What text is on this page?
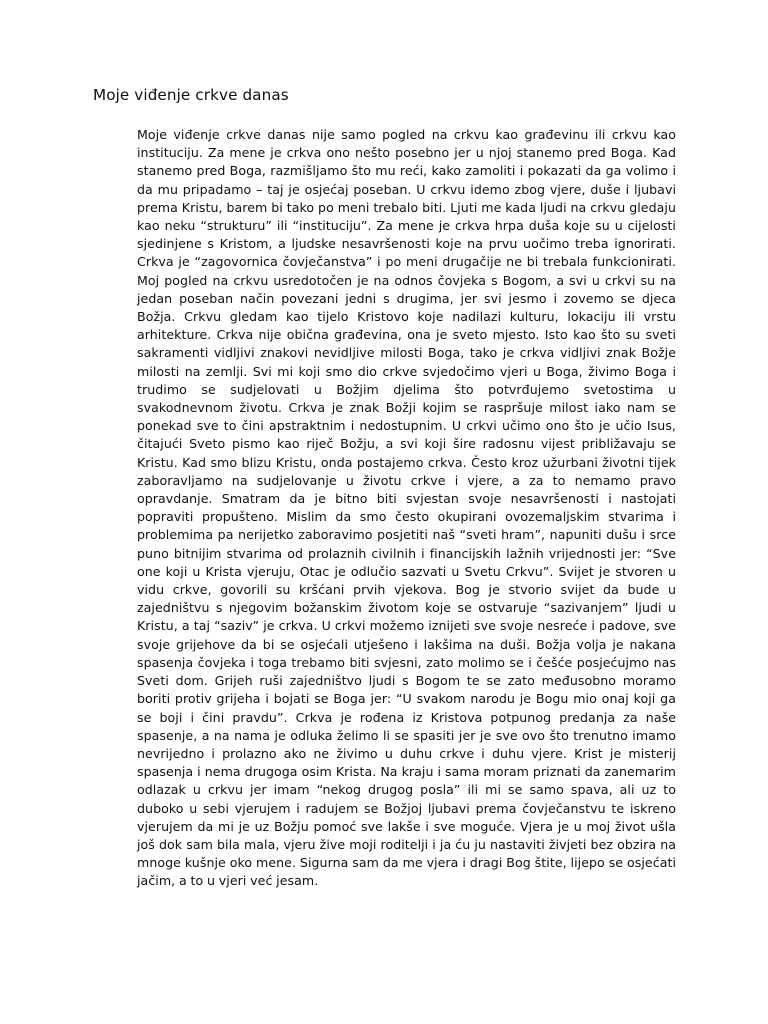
Moje viđenje crkve danas

Moje viđenje crkve danas nije samo pogled na crkvu kao građevinu ili crkvu kao instituciju. Za mene je crkva ono nešto posebno jer u njoj stanemo pred Boga. Kad stanemo pred Boga, razmišljamo što mu reći, kako zamoliti i pokazati da ga volimo i da mu pripadamo – taj je osjećaj poseban. U crkvu idemo zbog vjere, duše i ljubavi prema Kristu, barem bi tako po meni trebalo biti. Ljuti me kada ljudi na crkvu gledaju kao neku “strukturu” ili “instituciju”. Za mene je crkva hrpa duša koje su u cijelosti sjedinjene s Kristom, a ljudske nesavršenosti koje na prvu uočimo treba ignorirati. Crkva je “zagovornica čovječanstva” i po meni drugačije ne bi trebala funkcionirati. Moj pogled na crkvu usredotočen je na odnos čovjeka s Bogom, a svi u crkvi su na jedan poseban način povezani jedni s drugima, jer svi jesmo i zovemo se djeca Božja. Crkvu gledam kao tijelo Kristovo koje nadilazi kulturu, lokaciju ili vrstu arhitekture. Crkva nije obična građevina, ona je sveto mjesto. Isto kao što su sveti sakramenti vidljivi znakovi nevidljive milosti Boga, tako je crkva vidljivi znak Božje milosti na zemlji. Svi mi koji smo dio crkve svjedočimo vjeri u Boga, živimo Boga i trudimo se sudjelovati u Božjim djelima što potvrđujemo svetostima u svakodnevnom životu. Crkva je znak Božji kojim se raspršuje milost iako nam se ponekad sve to čini apstraktnim i nedostupnim. U crkvi učimo ono što je učio Isus, čitajući Sveto pismo kao riječ Božju, a svi koji šire radosnu vijest približavaju se Kristu. Kad smo blizu Kristu, onda postajemo crkva. Često kroz užurbani životni tijek zaboravljamo na sudjelovanje u životu crkve i vjere, a za to nemamo pravo opravdanje. Smatram da je bitno biti svjestan svoje nesavršenosti i nastojati popraviti propušteno. Mislim da smo često okupirani ovozemaljskim stvarima i problemima pa nerijetko zaboravimo posjetiti naš “sveti hram”, napuniti dušu i srce puno bitnijim stvarima od prolaznih civilnih i financijskih lažnih vrijednosti jer: “Sve one koji u Krista vjeruju, Otac je odlučio sazvati u Svetu Crkvu”. Svijet je stvoren u vidu crkve, govorili su kršćani prvih vjekova. Bog je stvorio svijet da bude u zajedništvu s njegovim božanskim životom koje se ostvaruje “sazivanjem” ljudi u Kristu, a taj “saziv” je crkva. U crkvi možemo iznijeti sve svoje nesreće i padove, sve svoje grijehove da bi se osjećali utješeno i lakšima na duši. Božja volja je nakana spasenja čovjeka i toga trebamo biti svjesni, zato molimo se i češće posjećujmo nas Sveti dom. Grijeh ruši zajedništvo ljudi s Bogom te se zato međusobno moramo boriti protiv grijeha i bojati se Boga jer: “U svakom narodu je Bogu mio onaj koji ga se boji i čini pravdu”. Crkva je rođena iz Kristova potpunog predanja za naše spasenje, a na nama je odluka želimo li se spasiti jer je sve ovo što trenutno imamo nevrijedno i prolazno ako ne živimo u duhu crkve i duhu vjere. Krist je misterij spasenja i nema drugoga osim Krista. Na kraju i sama moram priznati da zanemarim odlazak u crkvu jer imam “nekog drugog posla” ili mi se samo spava, ali uz to duboko u sebi vjerujem i radujem se Božjoj ljubavi prema čovječanstvu te iskreno vjerujem da mi je uz Božju pomoć sve lakše i sve moguće. Vjera je u moj život ušla još dok sam bila mala, vjeru žive moji roditelji i ja ću ju nastaviti živjeti bez obzira na mnoge kušnje oko mene. Sigurna sam da me vjera i dragi Bog štite, lijepo se osjećati jačim, a to u vjeri već jesam.
